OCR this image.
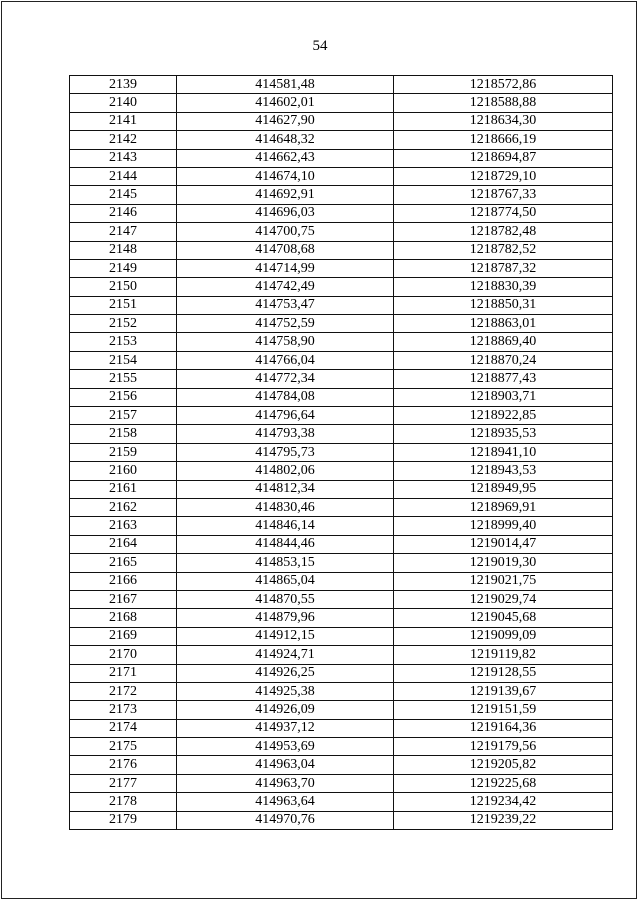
54
2139	414581,48	1218572,86
2140	414602,01	1218588,88
2141	414627,90	1218634,30
2142	414648,32	1218666,19
2143	414662,43	1218694,87
2144	414674,10	1218729,10
2145	414692,91	1218767,33
2146	414696,03	1218774,50
2147	414700,75	1218782,48
2148	414708,68	1218782,52
2149	414714,99	1218787,32
2150	414742,49	1218830,39
2151	414753,47	1218850,31
2152	414752,59	1218863,01
2153	414758,90	1218869,40
2154	414766,04	1218870,24
2155	414772,34	1218877,43
2156	414784,08	1218903,71
2157	414796,64	1218922,85
2158	414793,38	1218935,53
2159	414795,73	1218941,10
2160	414802,06	1218943,53
2161	414812,34	1218949,95
2162	414830,46	1218969,91
2163	414846,14	1218999,40
2164	414844,46	1219014,47
2165	414853,15	1219019,30
2166	414865,04	1219021,75
2167	414870,55	1219029,74
2168	414879,96	1219045,68
2169	414912,15	1219099,09
2170	414924,71	1219119,82
2171	414926,25	1219128,55
2172	414925,38	1219139,67
2173	414926,09	1219151,59
2174	414937,12	1219164,36
2175	414953,69	1219179,56
2176	414963,04	1219205,82
2177	414963,70	1219225,68
2178	414963,64	1219234,42
2179	414970,76	1219239,22
